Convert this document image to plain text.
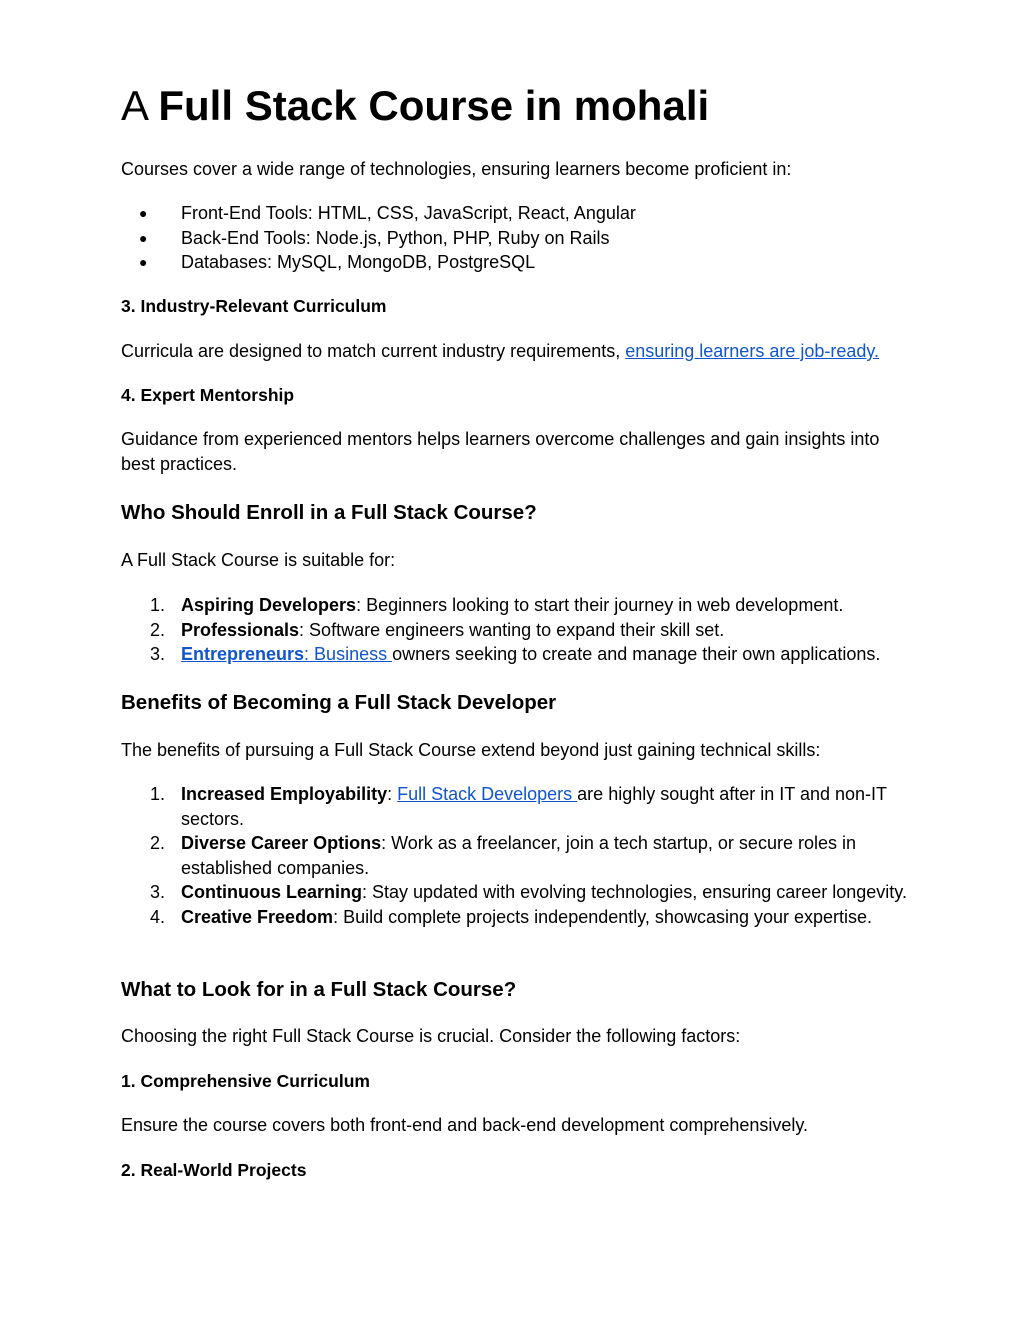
A Full Stack Course in mohali

Courses cover a wide range of technologies, ensuring learners become proficient in:

● Front-End Tools: HTML, CSS, JavaScript, React, Angular
● Back-End Tools: Node.js, Python, PHP, Ruby on Rails
● Databases: MySQL, MongoDB, PostgreSQL

3. Industry-Relevant Curriculum

Curricula are designed to match current industry requirements, ensuring learners are job-ready.

4. Expert Mentorship

Guidance from experienced mentors helps learners overcome challenges and gain insights into best practices.

Who Should Enroll in a Full Stack Course?

A Full Stack Course is suitable for:

1. Aspiring Developers: Beginners looking to start their journey in web development.
2. Professionals: Software engineers wanting to expand their skill set.
3. Entrepreneurs: Business owners seeking to create and manage their own applications.
Benefits of Becoming a Full Stack Developer

The benefits of pursuing a Full Stack Course extend beyond just gaining technical skills:

1. Increased Employability: Full Stack Developers are highly sought after in IT and non-IT sectors.
2. Diverse Career Options: Work as a freelancer, join a tech startup, or secure roles in established companies.
3. Continuous Learning: Stay updated with evolving technologies, ensuring career longevity.
4. Creative Freedom: Build complete projects independently, showcasing your expertise.
What to Look for in a Full Stack Course?

Choosing the right Full Stack Course is crucial. Consider the following factors:

1. Comprehensive Curriculum

Ensure the course covers both front-end and back-end development comprehensively.

2. Real-World Projects
